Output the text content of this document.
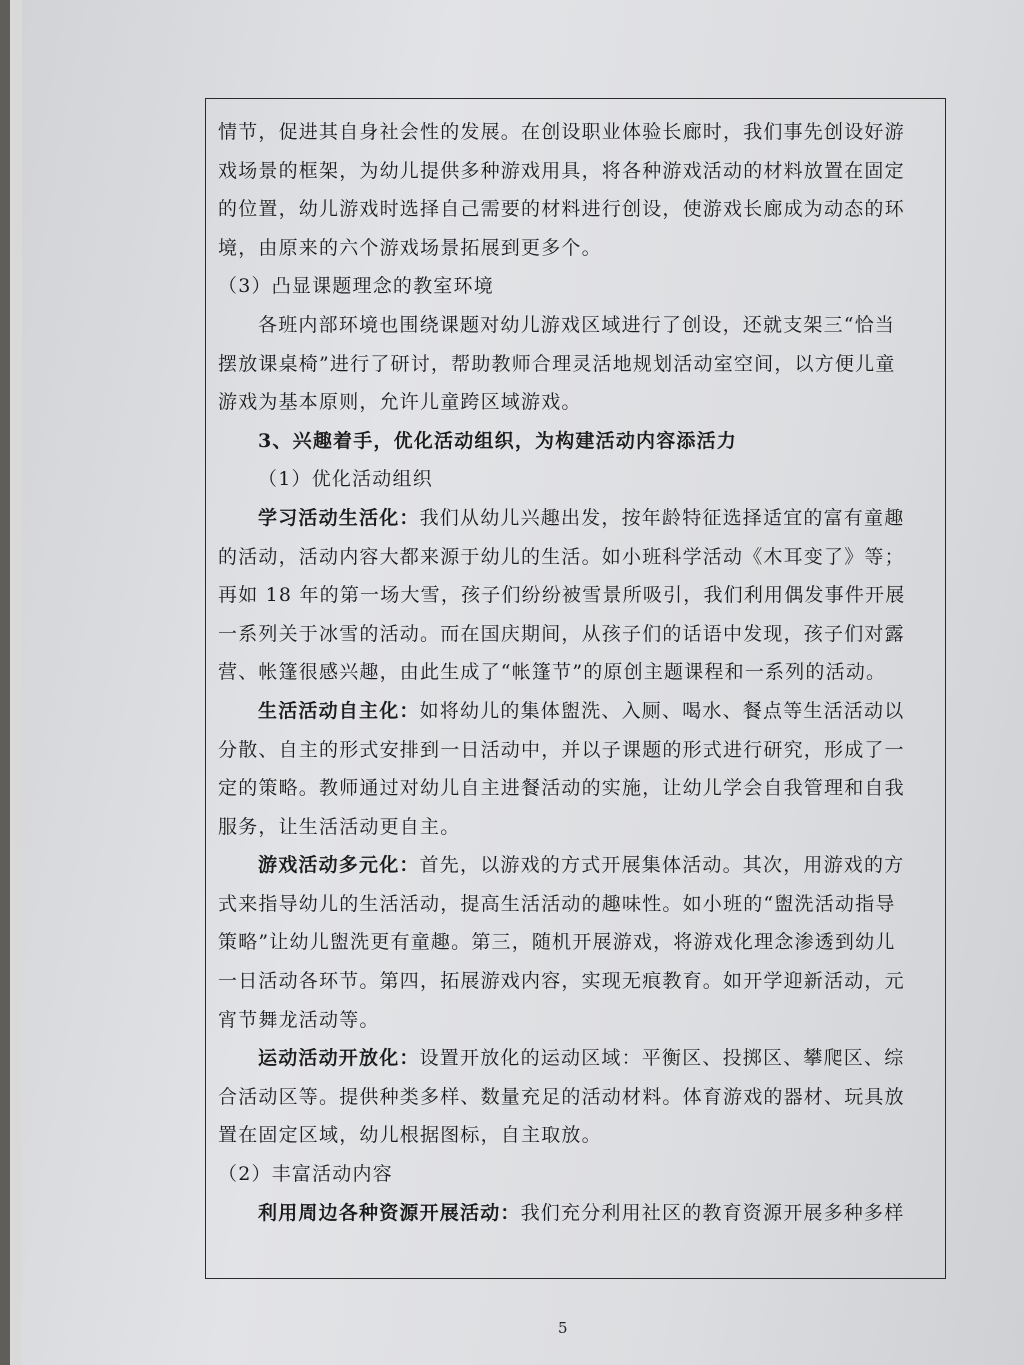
情节，促进其自身社会性的发展。在创设职业体验长廊时，我们事先创设好游
戏场景的框架，为幼儿提供多种游戏用具，将各种游戏活动的材料放置在固定
的位置，幼儿游戏时选择自己需要的材料进行创设，使游戏长廊成为动态的环
境，由原来的六个游戏场景拓展到更多个。
（3）凸显课题理念的教室环境
各班内部环境也围绕课题对幼儿游戏区域进行了创设，还就支架三“恰当
摆放课桌椅”进行了研讨，帮助教师合理灵活地规划活动室空间，以方便儿童
游戏为基本原则，允许儿童跨区域游戏。
3、兴趣着手，优化活动组织，为构建活动内容添活力
（1）优化活动组织
学习活动生活化：我们从幼儿兴趣出发，按年龄特征选择适宜的富有童趣
的活动，活动内容大都来源于幼儿的生活。如小班科学活动《木耳变了》等；
再如 18 年的第一场大雪，孩子们纷纷被雪景所吸引，我们利用偶发事件开展
一系列关于冰雪的活动。而在国庆期间，从孩子们的话语中发现，孩子们对露
营、帐篷很感兴趣，由此生成了“帐篷节”的原创主题课程和一系列的活动。
生活活动自主化：如将幼儿的集体盥洗、入厕、喝水、餐点等生活活动以
分散、自主的形式安排到一日活动中，并以子课题的形式进行研究，形成了一
定的策略。教师通过对幼儿自主进餐活动的实施，让幼儿学会自我管理和自我
服务，让生活活动更自主。
游戏活动多元化：首先，以游戏的方式开展集体活动。其次，用游戏的方
式来指导幼儿的生活活动，提高生活活动的趣味性。如小班的“盥洗活动指导
策略”让幼儿盥洗更有童趣。第三，随机开展游戏，将游戏化理念渗透到幼儿
一日活动各环节。第四，拓展游戏内容，实现无痕教育。如开学迎新活动，元
宵节舞龙活动等。
运动活动开放化：设置开放化的运动区域：平衡区、投掷区、攀爬区、综
合活动区等。提供种类多样、数量充足的活动材料。体育游戏的器材、玩具放
置在固定区域，幼儿根据图标，自主取放。
（2）丰富活动内容
利用周边各种资源开展活动：我们充分利用社区的教育资源开展多种多样
5
